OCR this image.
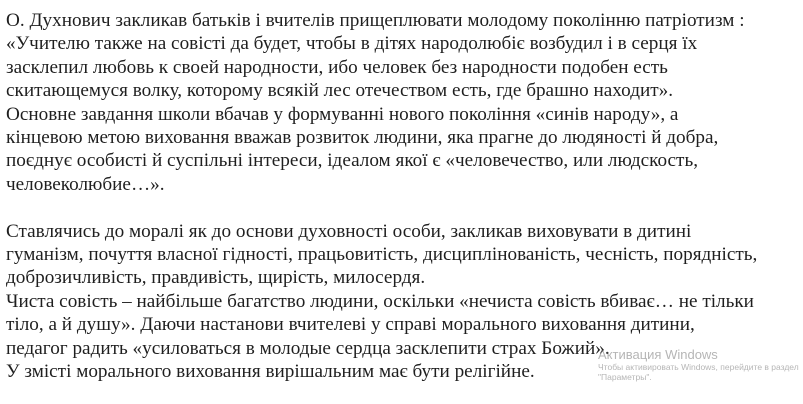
О. Духнович закликав батьків і вчителів прищеплювати молодому поколінню патріотизм :
«Учителю также на совісті да будет, чтобы в дітях народолюбіє возбудил і в серця їх
засклепил любовь к своей народности, ибо человек без народности подобен есть
скитающемуся волку, которому всякій лес отечеством есть, где брашно находит».
Основне завдання школи вбачав у формуванні нового покоління «синів народу», а
кінцевою метою виховання вважав розвиток людини, яка прагне до людяності й добра,
поєднує особисті й суспільні інтереси, ідеалом якої є «человечество, или людскость,
человеколюбие…».
Ставлячись до моралі як до основи духовності особи, закликав виховувати в дитині
гуманізм, почуття власної гідності, працьовитість, дисциплінованість, чесність, порядність,
доброзичливість, правдивість, щирість, милосердя.
Чиста совість – найбільше багатство людини, оскільки «нечиста совість вбиває… не тільки
тіло, а й душу». Даючи настанови вчителеві у справі морального виховання дитини,
педагог радить «усиловаться в молодые сердца засклепити страх Божий».
У змісті морального виховання вирішальним має бути релігійне.
Активация Windows
Чтобы активировать Windows, перейдите в раздел
"Параметры".
